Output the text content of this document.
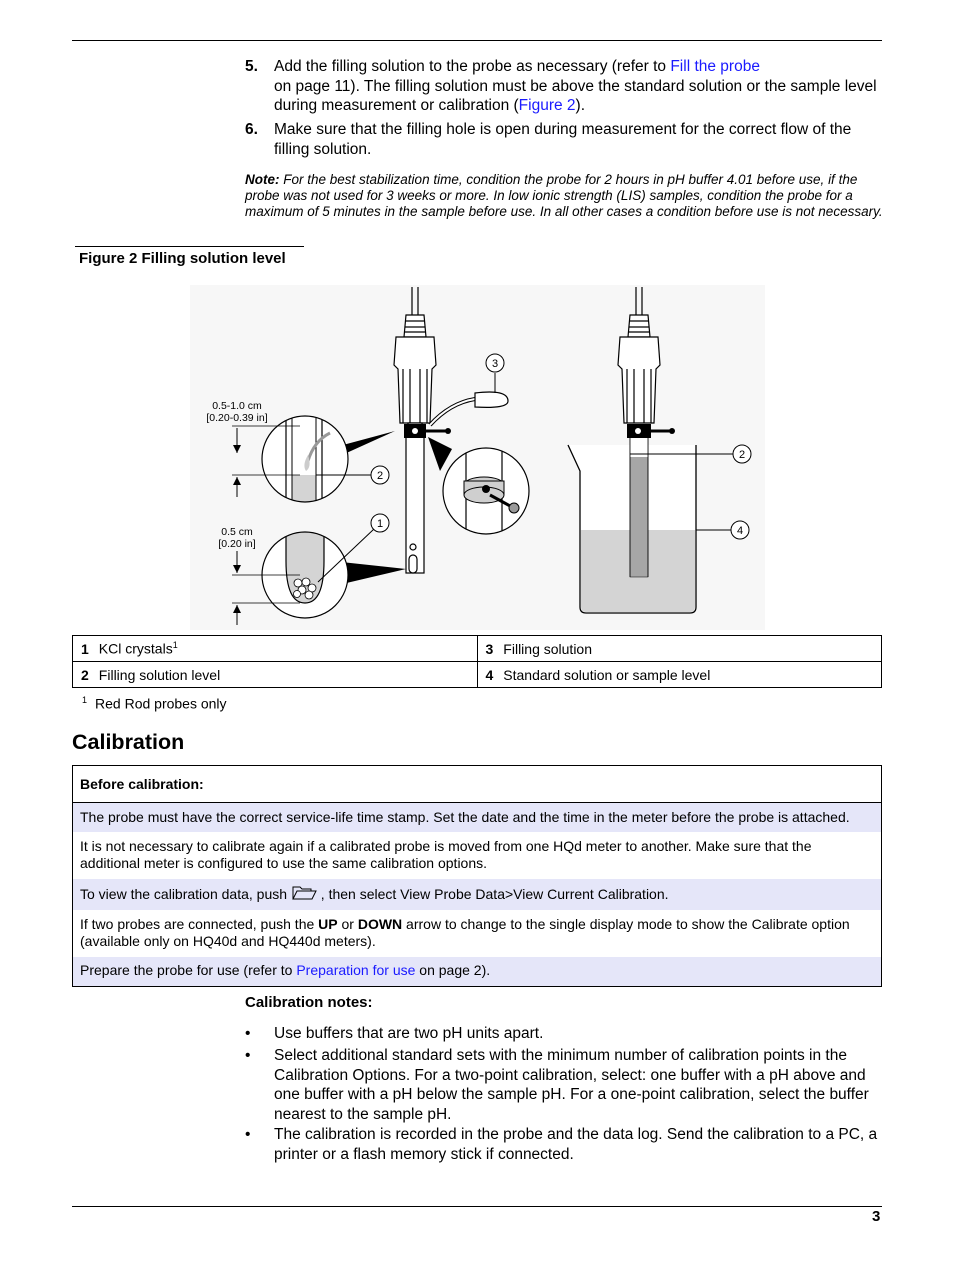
5. Add the filling solution to the probe as necessary (refer to Fill the probe
on page 11). The filling solution must be above the standard solution or the sample level during measurement or calibration (Figure 2).
6. Make sure that the filling hole is open during measurement for the correct flow of the filling solution.
Note: For the best stabilization time, condition the probe for 2 hours in pH buffer 4.01 before use, if the probe was not used for 3 weeks or more. In low ionic strength (LIS) samples, condition the probe for a maximum of 5 minutes in the sample before use. In all other cases a condition before use is not necessary.
Figure 2 Filling solution level
3
0.5-1.0 cm
[0.20-0.39 in]
2
0.5 cm
[0.20 in]
1
2
4
1 KCl crystals$^1$	3 Filling solution
2 Filling solution level	4 Standard solution or sample level
$^1$ Red Rod probes only
Calibration
Before calibration:
The probe must have the correct service-life time stamp. Set the date and the time in the meter before the probe is attached.
It is not necessary to calibrate again if a calibrated probe is moved from one HQd meter to another. Make sure that the additional meter is configured to use the same calibration options.
To view the calibration data, push , then select View Probe Data>View Current Calibration.
If two probes are connected, push the UP or DOWN arrow to change to the single display mode to show the Calibrate option (available only on HQ40d and HQ440d meters).
Prepare the probe for use (refer to Preparation for use on page 2).
Calibration notes:
• Use buffers that are two pH units apart.
• Select additional standard sets with the minimum number of calibration points in the Calibration Options. For a two-point calibration, select: one buffer with a pH above and one buffer with a pH below the sample pH. For a one-point calibration, select the buffer nearest to the sample pH.
• The calibration is recorded in the probe and the data log. Send the calibration to a PC, a printer or a flash memory stick if connected.
3
